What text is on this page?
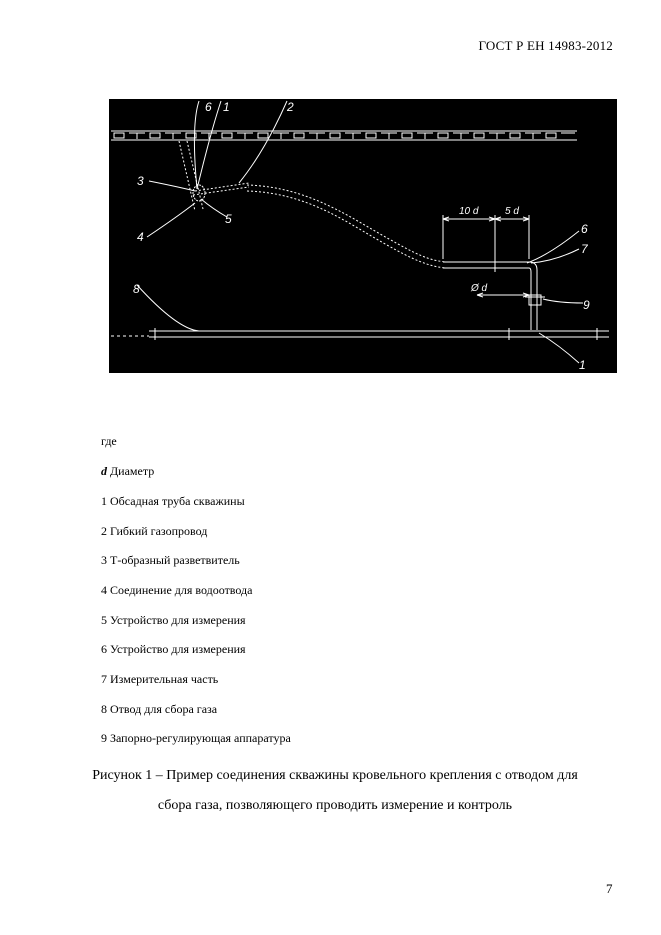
ГОСТ Р ЕН 14983-2012
6 1	2
3
4
5
8
6
7
9
1
10 d	5 d
Ø d
где
d Диаметр
1 Обсадная труба скважины
2 Гибкий газопровод
3 Т-образный разветвитель
4 Соединение для водоотвода
5 Устройство для измерения
6 Устройство для измерения
7 Измерительная часть
8 Отвод для сбора газа
9 Запорно-регулирующая аппаратура
Рисунок 1 – Пример соединения скважины кровельного крепления с отводом для
сбора газа, позволяющего проводить измерение и контроль
7
